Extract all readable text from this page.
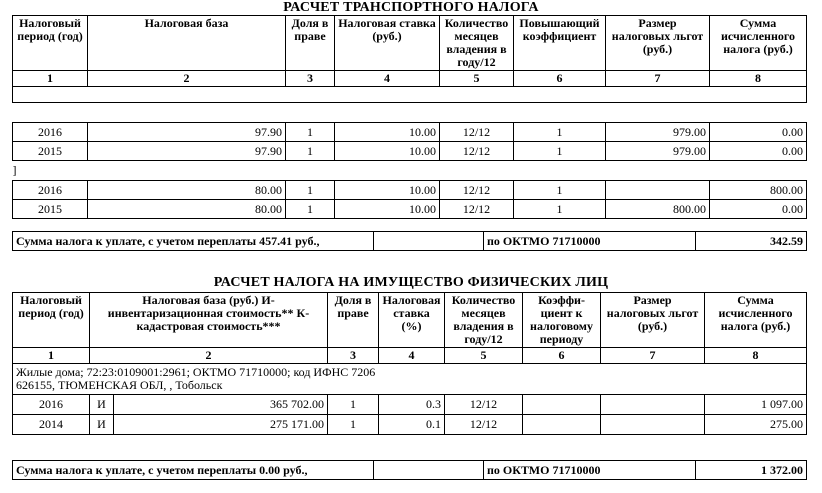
РАСЧЕТ ТРАНСПОРТНОГО НАЛОГА
Налоговый период (год)	Налоговая база	Доля в праве	Налоговая ставка (руб.)	Количество месяцев владения в году/12	Повышающий коэффициент	Размер налоговых льгот (руб.)	Сумма исчисленного налога (руб.)
1	2	3	4	5	6	7	8

2016	97.90	1	10.00	12/12	1	979.00	0.00
2015	97.90	1	10.00	12/12	1	979.00	0.00
]							
2016	80.00	1	10.00	12/12	1		800.00
2015	80.00	1	10.00	12/12	1	800.00	0.00
Сумма налога к уплате, с учетом переплаты 457.41 руб.,		по ОКТМО 71710000	342.59
РАСЧЕТ НАЛОГА НА ИМУЩЕСТВО ФИЗИЧЕСКИХ ЛИЦ
Налоговый период (год)	Налоговая база (руб.) И-инвентаризационная стоимость** К-кадастровая стоимость***		Доля в праве	Налоговая ставка (%)	Количество месяцев владения в году/12	Коэффи- циент к налоговому периоду	Размер налоговых льгот (руб.)	Сумма исчисленного налога (руб.)
1	2		3	4	5	6	7	8

Жилые дома; 72:23:0109001:2961; ОКТМО 71710000; код ИФНС 7206
626155, ТЮМЕНСКАЯ ОБЛ, , Тобольск								

2016	И	365 702.00	1	0.3	12/12			1 097.00
2014	И	275 171.00	1	0.1	12/12			275.00
Сумма налога к уплате, с учетом переплаты 0.00 руб.,		по ОКТМО 71710000	1 372.00
